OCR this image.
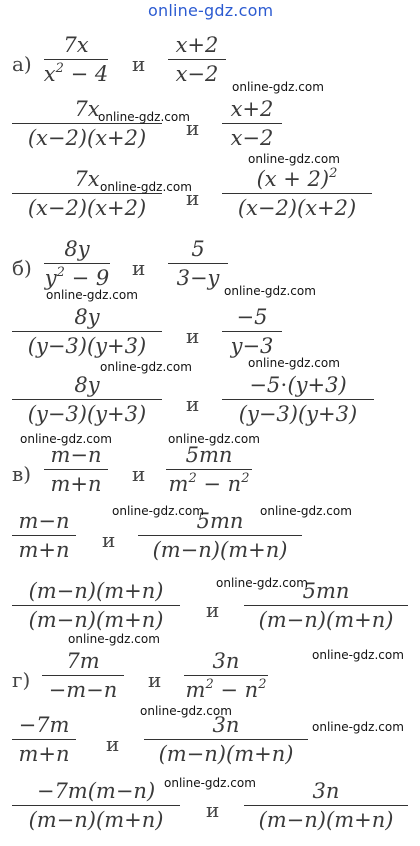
online-gdz.com
а)
7x
$x^2 - 4$ и
x+2
x−2
7x
(x−2)(x+2) и
x+2
x−2
7x
(x−2)(x+2) и
$(x + 2)^2$
(x−2)(x+2)
б)
8y
$y^2 - 9$ и
5
3−y
8y
(y−3)(y+3) и
−5
y−3
8y
(y−3)(y+3) и
−5⋅(y+3)
(y−3)(y+3)
в)
m−n
m+n и
5mn
$m^2 - n^2$
m−n
m+n и
5mn
(m−n)(m+n)
(m−n)(m+n)
(m−n)(m+n) и
5mn
(m−n)(m+n)
г)
7m
−m−n и
3n
$m^2 - n^2$
−7m
m+n и
3n
(m−n)(m+n)
−7m(m−n)
(m−n)(m+n) и
3n
(m−n)(m+n)
online-gdz.com
online-gdz.com
online-gdz.com
online-gdz.com
online-gdz.com
online-gdz.com
online-gdz.com
online-gdz.com
online-gdz.com	online-gdz.com
online-gdz.com	online-gdz.com
online-gdz.com
online-gdz.com
online-gdz.com
online-gdz.com
online-gdz.com
online-gdz.com
